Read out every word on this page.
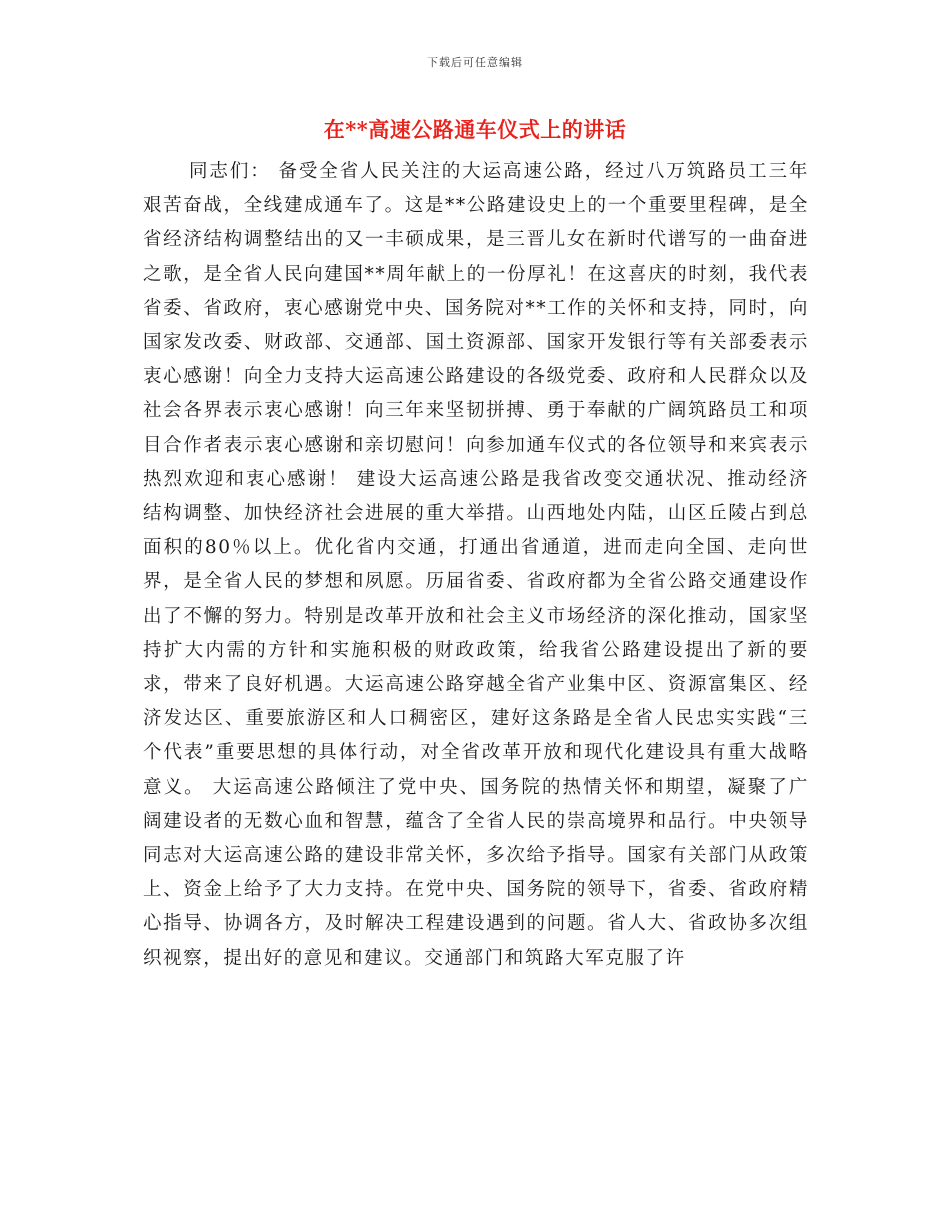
下载后可任意编辑
在**高速公路通车仪式上的讲话
同志们： 备受全省人民关注的大运高速公路，经过八万筑路员工三年艰苦奋战，全线建成通车了。这是**公路建设史上的一个重要里程碑，是全省经济结构调整结出的又一丰硕成果，是三晋儿女在新时代谱写的一曲奋进之歌，是全省人民向建国**周年献上的一份厚礼！在这喜庆的时刻，我代表省委、省政府，衷心感谢党中央、国务院对**工作的关怀和支持，同时，向国家发改委、财政部、交通部、国土资源部、国家开发银行等有关部委表示衷心感谢！向全力支持大运高速公路建设的各级党委、政府和人民群众以及社会各界表示衷心感谢！向三年来坚韧拼搏、勇于奉献的广阔筑路员工和项目合作者表示衷心感谢和亲切慰问！向参加通车仪式的各位领导和来宾表示热烈欢迎和衷心感谢！ 建设大运高速公路是我省改变交通状况、推动经济结构调整、加快经济社会进展的重大举措。山西地处内陆，山区丘陵占到总面积的80％以上。优化省内交通，打通出省通道，进而走向全国、走向世界，是全省人民的梦想和夙愿。历届省委、省政府都为全省公路交通建设作出了不懈的努力。特别是改革开放和社会主义市场经济的深化推动，国家坚持扩大内需的方针和实施积极的财政政策，给我省公路建设提出了新的要求，带来了良好机遇。大运高速公路穿越全省产业集中区、资源富集区、经济发达区、重要旅游区和人口稠密区，建好这条路是全省人民忠实实践“三个代表”重要思想的具体行动，对全省改革开放和现代化建设具有重大战略意义。 大运高速公路倾注了党中央、国务院的热情关怀和期望，凝聚了广阔建设者的无数心血和智慧，蕴含了全省人民的崇高境界和品行。中央领导同志对大运高速公路的建设非常关怀，多次给予指导。国家有关部门从政策上、资金上给予了大力支持。在党中央、国务院的领导下，省委、省政府精心指导、协调各方，及时解决工程建设遇到的问题。省人大、省政协多次组织视察，提出好的意见和建议。交通部门和筑路大军克服了许
